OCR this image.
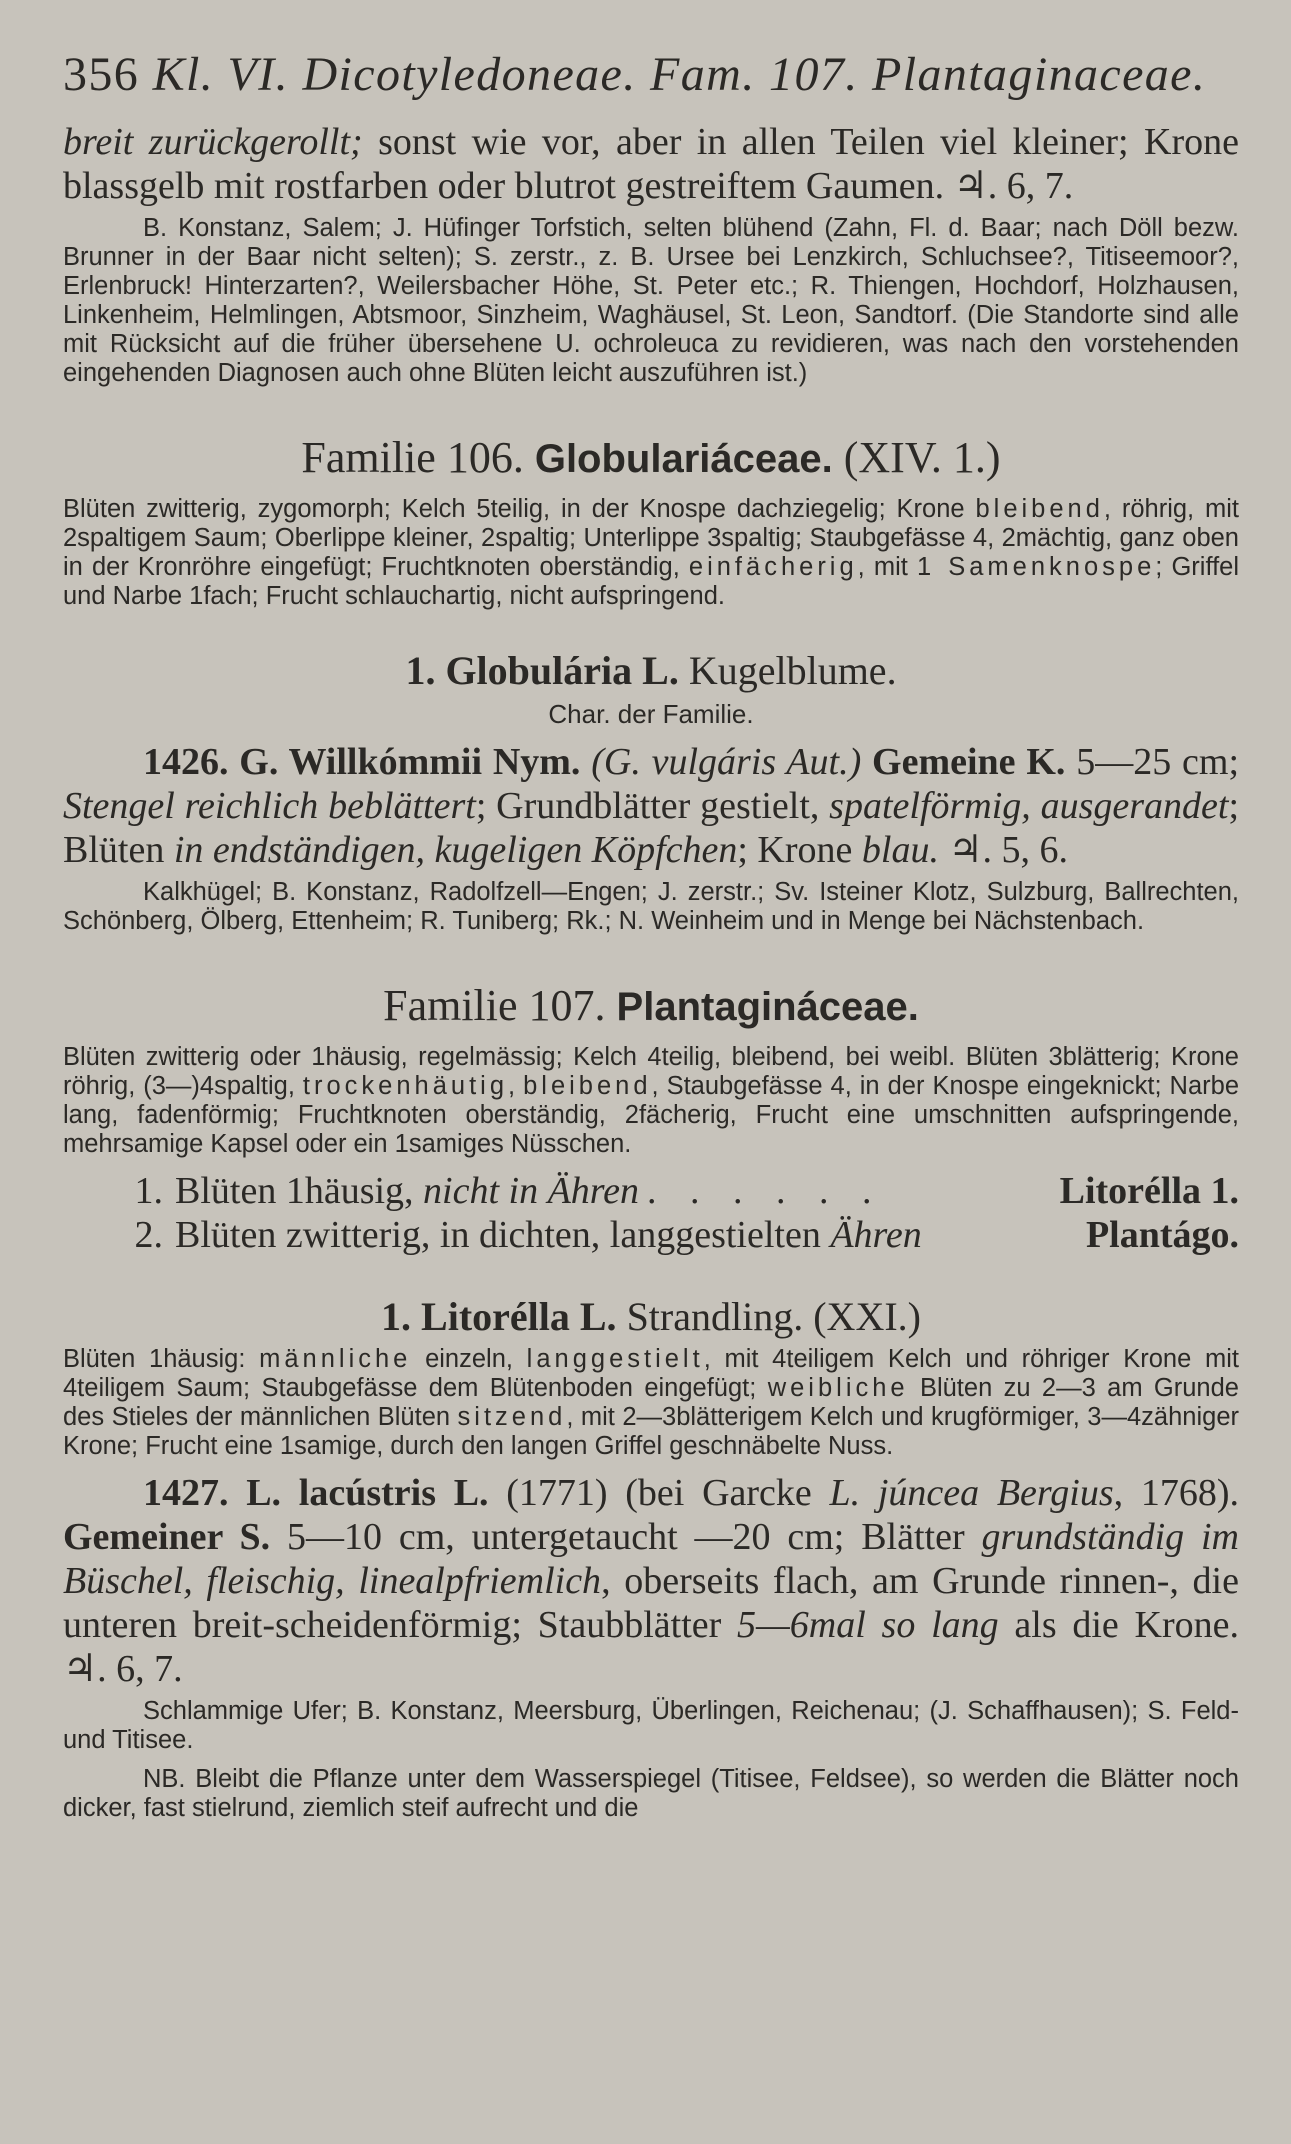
356 Kl. VI. Dicotyledoneae. Fam. 107. Plantaginaceae.
breit zurückgerollt; sonst wie vor, aber in allen Teilen viel kleiner; Krone blassgelb mit rostfarben oder blutrot gestreiftem Gaumen. ♃. 6, 7.
B. Konstanz, Salem; J. Hüfinger Torfstich, selten blühend (Zahn, Fl. d. Baar; nach Döll bezw. Brunner in der Baar nicht selten); S. zerstr., z. B. Ursee bei Lenzkirch, Schluchsee?, Titiseemoor?, Erlenbruck! Hinterzarten?, Weilersbacher Höhe, St. Peter etc.; R. Thiengen, Hochdorf, Holzhausen, Linkenheim, Helmlingen, Abtsmoor, Sinzheim, Waghäusel, St. Leon, Sandtorf. (Die Standorte sind alle mit Rücksicht auf die früher übersehene U. ochroleuca zu revidieren, was nach den vorstehenden eingehenden Diagnosen auch ohne Blüten leicht auszuführen ist.)
Familie 106. Globulariáceae. (XIV. 1.)
Blüten zwitterig, zygomorph; Kelch 5teilig, in der Knospe dachziegelig; Krone bleibend, röhrig, mit 2spaltigem Saum; Oberlippe kleiner, 2spaltig; Unterlippe 3spaltig; Staubgefässe 4, 2mächtig, ganz oben in der Kronröhre eingefügt; Fruchtknoten oberständig, einfächerig, mit 1 Samenknospe; Griffel und Narbe 1fach; Frucht schlauchartig, nicht aufspringend.
1. Globulária L. Kugelblume.
Char. der Familie.
1426. G. Willkómmii Nym. (G. vulgáris Aut.) Gemeine K. 5—25 cm; Stengel reichlich beblättert; Grundblätter gestielt, spatelförmig, ausgerandet; Blüten in endständigen, kugeligen Köpfchen; Krone blau. ♃. 5, 6.
Kalkhügel; B. Konstanz, Radolfzell—Engen; J. zerstr.; Sv. Isteiner Klotz, Sulzburg, Ballrechten, Schönberg, Ölberg, Ettenheim; R. Tuniberg; Rk.; N. Weinheim und in Menge bei Nächstenbach.
Familie 107. Plantagináceae.
Blüten zwitterig oder 1häusig, regelmässig; Kelch 4teilig, bleibend, bei weibl. Blüten 3blätterig; Krone röhrig, (3—)4spaltig, trockenhäutig, bleibend, Staubgefässe 4, in der Knospe eingeknickt; Narbe lang, fadenförmig; Fruchtknoten oberständig, 2fächerig, Frucht eine umschnitten aufspringende, mehrsamige Kapsel oder ein 1samiges Nüsschen.
1. Blüten 1häusig, nicht in Ähren . . . . . .	Litorélla 1.
2. Blüten zwitterig, in dichten, langgestielten Ähren	Plantágo.
1. Litorélla L. Strandling. (XXI.)
Blüten 1häusig: männliche einzeln, langgestielt, mit 4teiligem Kelch und röhriger Krone mit 4teiligem Saum; Staubgefässe dem Blütenboden eingefügt; weibliche Blüten zu 2—3 am Grunde des Stieles der männlichen Blüten sitzend, mit 2—3blätterigem Kelch und krugförmiger, 3—4zähniger Krone; Frucht eine 1samige, durch den langen Griffel geschnäbelte Nuss.
1427. L. lacústris L. (1771) (bei Garcke L. júncea Bergius, 1768). Gemeiner S. 5—10 cm, untergetaucht —20 cm; Blätter grundständig im Büschel, fleischig, linealpfriemlich, oberseits flach, am Grunde rinnen-, die unteren breit-scheidenförmig; Staubblätter 5—6mal so lang als die Krone. ♃. 6, 7.
Schlammige Ufer; B. Konstanz, Meersburg, Überlingen, Reichenau; (J. Schaffhausen); S. Feld- und Titisee.
NB. Bleibt die Pflanze unter dem Wasserspiegel (Titisee, Feldsee), so werden die Blätter noch dicker, fast stielrund, ziemlich steif aufrecht und die
